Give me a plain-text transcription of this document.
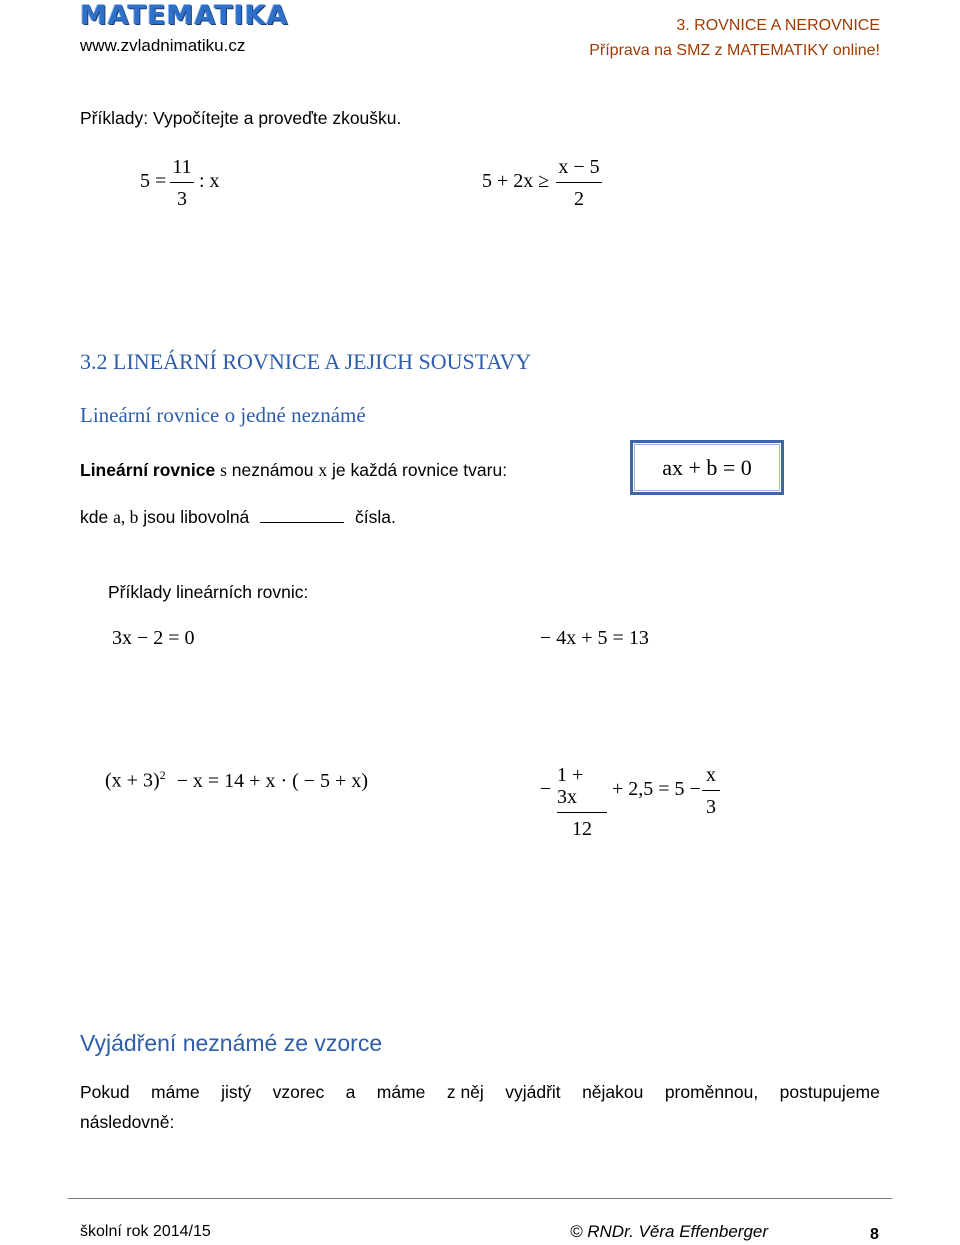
MATEMATIKA
www.zvladnimatiku.cz
3. ROVNICE A NEROVNICE
Příprava na SMZ z MATEMATIKY online!
Příklady: Vypočítejte a proveďte zkoušku.
5 =
11
3
: x	5 + 2x ≥
x − 5
2
3.2 LINEÁRNÍ ROVNICE A JEJICH SOUSTAVY
Lineární rovnice o jedné neznámé
Lineární rovnice s neznámou x je každá rovnice tvaru:	ax + b = 0
kde a, b jsou libovolná	čísla.
Příklady lineárních rovnic:
3x − 2 = 0	− 4x + 5 = 13
$(x + 3)^2 - x = 14 + x$ · ( − 5 + x)	−
1 + 3x
12
+ 2,5 = 5 −
x
3
Vyjádření neznámé ze vzorce
Pokud máme jistý vzorec a máme z něj vyjádřit nějakou proměnnou, postupujeme
následovně:
školní rok 2014/15	© RNDr. Věra Effenberger	8
